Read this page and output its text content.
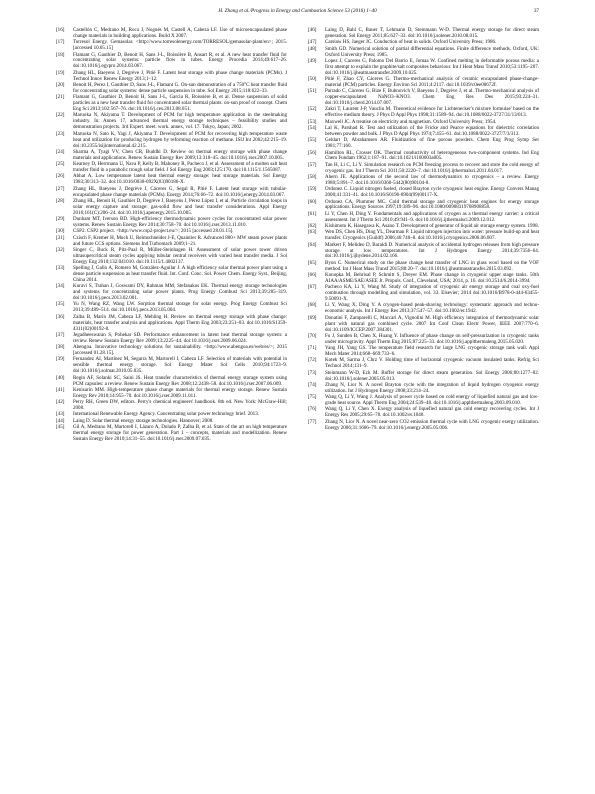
H. Zhang et al./Progress in Energy and Combustion Science 53 (2016) 1–40	37
[16] Castellón C, Medrano M, Roca J, Nogués M, Castell A, Cabeza LF. Use of microencapsulated phase change materials in building applications. Build X 2007.
[17] Torresol Energy. Gemasolar. <http://www.torresolenergy.com/TORRESOL/gemasolar-plant/en>; 2015. [accessed 10.05.15]
[18] Flamant G, Gauthier D, Benoit H, Sans J-L, Boissière B, Ansart R, et al. A new heat transfer fluid for concentrating solar systems: particle flow in tubes. Energy Procedia 2014;49:617–26. doi:10.1016/j.egypro.2014.03.067.
[19] Zhang HL, Baeyens J, Degrève J, Pitié F. Latent heat storage with phase change materials (PCMs). J Technol Innov Renew Energy 2013;1–12.
[20] Benoit H, Perez I, Gauthier D, Sans J-L, Flamant G. On-sun demonstration of a 750°C heat transfer fluid for concentrating solar systems: dense particle suspension in tube. Sol Energy 2015;118:622–33.
[21] Flamant G, Gauthier D, Benoit H, Sans J-L, Garcia R, Boissière B, et al. Dense suspension of solid particles as a new heat transfer fluid for concentrated solar thermal plants: on-sun proof of concept. Chem Eng Sci 2013;102:567–76. doi:10.1016/j.ces.2013.08.051.
[22] Maruoka N, Akiyama T. Development of PCM for high temperature application in the steelmaking industry. In: Annex 17, advanced thermal energy storage techniques – feasibility studies and demonstration projects. 3rd Expert. meet. work. annex, vol. 17. Tokyo, Japan; 2002.
[23] Maruoka N, Sato K, Yagi J, Akiyama T. Development of PCM for recovering high temperature waste heat and utilization for producing hydrogen by reforming reaction of methane. ISIJ Int 2002;42:215–19. doi:10.2355/isijinternational.42.215.
[24] Sharma A, Tyagi VV, Chen CR, Buddhi D. Review on thermal energy storage with phase change materials and applications. Renew Sustain Energy Rev 2009;13:318–45. doi:10.1016/j.rser.2007.10.005.
[25] Kearney D, Herrmann U, Nava P, Kelly B, Mahoney R, Pacheco J, et al. Assessment of a molten salt heat transfer fluid in a parabolic trough solar field. J Sol Energy Eng 2003;125:170. doi:10.1115/1.1565087.
[26] Abhat A. Low temperature latent heat thermal energy storage: heat storage materials. Sol Energy 1983;30:313–32. doi:10.1016/0038-092X(83)90186-X.
[27] Zhang HL, Baeyens J, Degrève J, Cáceres G, Segal R, Pitié F. Latent heat storage with tubular-encapsulated phase change materials (PCMs). Energy 2014;76:66–72. doi:10.1016/j.energy.2014.03.067.
[28] Zhang HL, Benoit H, Gauthier D, Degrève J, Baeyens J, Pérez López I, et al. Particle circulation loops in solar energy capture and storage: gas-solid flow and heat transfer considerations. Appl Energy 2016;161(C):206–24. doi:10.1016/j.apenergy.2015.10.005.
[29] Dunham MT, Iverson BD. High-efficiency thermodynamic power cycles for concentrated solar power systems. Renew Sustain Energy Rev 2014;30:758–70. doi:10.1016/j.rser.2013.11.010.
[30] CSP2. CSP2 project. <http://www.csp2-project.eu/>; 2015 [accessed 28.01.15].
[31] Czisch F, Kremer H, Much U, Reimschneider J-E, Quaintier R. Advanced 800+ MW steam power plants and future CCS options. Siemens Ind Turbomach 2009;1–21.
[32] Singer C, Buck R, Pitz-Paal R, Müller-Steinhagen H. Assessment of solar power tower driven ultrasupercritical steam cycles applying tubular central receivers with varied heat transfer media. J Sol Energy Eng 2010;132:041010. doi:10.1115/1.4002137.
[33] Spelling J, Gallo A, Romero M, González-Aguilar J. A high efficiency solar thermal power plant using a dense particle suspension as heat transfer fluid. Int. Conf. Conc. Sol. Power Chem. Energy Syst., Beijing, China 2014.
[34] Kuravi S, Trahan J, Goswami DY, Rahman MM, Stefanakos EK. Thermal energy storage technologies and systems for concentrating solar power plants. Prog Energy Combust Sci 2013;39:285–319. doi:10.1016/j.pecs.2013.02.001.
[35] Yu N, Wang RZ, Wang LW. Sorption thermal storage for solar energy. Prog Energy Combust Sci 2013;39:489–514. doi:10.1016/j.pecs.2013.05.004.
[36] Zalba B, Marín JM, Cabeza LF, Mehling H. Review on thermal energy storage with phase change: materials, heat transfer analysis and applications. Appl Therm Eng 2003;23:251–83. doi:10.1016/S1359-4311(02)00192-8.
[37] Jegadheeswaran S, Pohekar SD. Performance enhancement in latent heat thermal storage system: a review. Renew Sustain Energy Rev 2009;13:2225–44. doi:10.1016/j.rser.2009.06.024.
[38] Abengoa. Innovative technology solutions for sustainability. <http://www.abengoa.es/web/es/>; 2015 [accessed 01.28.15].
[39] Fernandez AI, Martínez M, Segarra M, Martorell I, Cabeza LF. Selection of materials with potential in sensible thermal energy storage. Sol Energy Mater Sol Cells 2010;94:1723–9. doi:10.1016/j.solmat.2010.05.035.
[40] Regin AF, Solanki SC, Saini JS. Heat transfer characteristics of thermal energy storage system using PCM capsules: a review. Renew Sustain Energy Rev 2008;12:2438–58. doi:10.1016/j.rser.2007.06.009.
[41] Kenisarin MM. High-temperature phase change materials for thermal energy storage. Renew Sustain Energy Rev 2010;14:955–70. doi:10.1016/j.rser.2009.11.011.
[42] Perry RH, Green DW, editors. Perry's chemical engineers' handbook. 8th ed. New York: McGraw-Hill; 2008.
[43] International Renewable Energy Agency. Concentrating solar power technology brief. 2013.
[44] Laing D. Solar thermal energy storage technologies. Hannover; 2008.
[45] Gil A, Medrano M, Martorell I, Lázaro A, Dolado P, Zalba B, et al. State of the art on high temperature thermal energy storage for power generation. Part 1 – concepts, materials and modellization. Renew Sustain Energy Rev 2010;14:31–55. doi:10.1016/j.rser.2009.07.035.
[46] Laing D, Bahl C, Bauer T, Lehmann D, Steinmann W-D. Thermal energy storage for direct steam generation. Sol Energy 2011;85:627–33. doi:10.1016/j.solener.2010.08.015.
[47] Carslaw HS, Jaeger JC. Conduction of heat in solids. Oxford University Press; 1986.
[48] Smith GD. Numerical solution of partial differential equations. Finite difference methods. Oxford, UK: Oxford University Press; 1985.
[49] Lopez J, Caceres G, Palomo Del Barrio E, Jomaa W. Confined melting in deformable porous media: a first attempt to explain the graphite/salt composites behaviour. Int J Heat Mass Transf 2010;53:1195–207. doi:10.1016/j.ijheatmasstransfer.2009.10.025.
[50] Pitié F, Zhao CY, Cáceres G. Thermo-mechanical analysis of ceramic encapsulated phase-change-material (PCM) particles. Energy Environ Sci 2011;4:2117. doi:10.1039/c0ee00672f.
[51] Parrado C, Cáceres G, Bize F, Bubnovich V, Baeyens J, Degrève J, et al. Thermo-mechanical analysis of copper-encapsulated NaNO3–KNO3. Chem Eng Res Des 2015;93:224–31. doi:10.1016/j.cherd.2014.07.007.
[52] Zakri T, Laurent J-P, Vauclin M. Theoretical evidence for Lichtenecker's mixture formulae' based on the effective medium theory. J Phys D Appl Phys 1998;31:1589–94. doi:10.1088/0022-3727/31/13/013.
[53] Maxwell JC. A treatise on electricity and magnetism. Oxford University Press; 1954.
[54] Lal K, Parshad R. Test and utilization of the Fricke and Pearce equations for dielectric correlation between powder and bulk. J Phys D Appl Phys 1974;7:455–61. doi:10.1088/0022-3727/7/3/313.
[55] Geldart D, Abrahamsen AR. Fluidization of fine porous powders. Chem Eng Prog Symp Ser 1981;77:160.
[56] Hamilton RL, Crosser OK. Thermal conductivity of heterogeneous two-component systems. Ind Eng Chem Fundam 1962;1:187–91. doi:10.1021/i160003a005.
[57] Tan H, Li C, Li Y. Simulation research on PCM freezing process to recover and store the cold energy of cryogenic gas. Int J Therm Sci 2011;50:2220–7. doi:10.1016/j.ijthermalsci.2011.04.017.
[58] Ahern JE. Applications of the second law of thermodynamics to cryogenics – a review. Energy 1980;5:891–7. doi:10.1016/0360-5442(80)90104-8.
[59] Ordonez C. Liquid nitrogen fueled, closed Brayton cycle cryogenic heat engine. Energy Convers Manag 2000;41:331–41. doi:10.1016/S0196-8904(99)00117-X.
[60] Ordonez CA, Plummer MC. Cold thermal storage and cryogenic heat engines for energy storage applications. Energy Sources 1997;19:389–96. doi:10.1080/00908319708908858.
[61] Li Y, Chen H, Ding Y. Fundamentals and applications of cryogen as a thermal energy carrier: a critical assessment. Int J Therm Sci 2010;49:941–9. doi:10.1016/j.ijthermalsci.2009.12.012.
[62] Kishimoto K, Hasegawa K, Asano T. Development of generator of liquid air storage energy system. 1998.
[63] Wen DS, Chen HS, Ding YL, Dearman P. Liquid nitrogen injection into water: pressure build-up and heat transfer. Cryogenics (Guildf) 2006;46:740–8. doi:10.1016/j.cryogenics.2006.06.007.
[64] Markert F, Melideo D, Baraldi D. Numerical analysis of accidental hydrogen releases from high pressure storage at low temperatures. Int J Hydrogen Energy 2014;39:7356–64. doi:10.1016/j.ijhydene.2014.02.166.
[65] Byon C. Numerical study on the phase change heat transfer of LNG in glass wool based on the VOF method. Int J Heat Mass Transf 2015;88:20–7. doi:10.1016/j.ijheatmasstransfer.2015.03.092.
[66] Konopka M, Behrisal P, Schmitt S, Dreyer EM. Phase change in cryogenic upper stage tanks. 50th AIAA/ASME/SAE/ASEE Jt. Propuls. Conf., Cleveland, USA; 2014, p. 16. doi:10.2514/6.2014-3994.
[67] Pacheco KA, Li Y, Wang M. Study of integration of cryogenic air energy storage and coal oxy-fuel combustion through modelling and simulation, vol. 33. Elsevier; 2014 doi:10.1016/B978-0-444-63455-9.50091-X.
[68] Li Y, Wang X, Ding Y. A cryogen-based peak-shaving technology: systematic approach and techno-economic analysis. Int J Energy Res 2013;37:547–57. doi:10.1002/er.1942.
[69] Donatini F, Zamparelli C, Maccari A, Vignolini M. High efficiency integration of thermodynamic solar plant with natural gas combined cycle. 2007 Int Conf Clean Electr Power, IEEE 2007:770–6. doi:10.1109/ICCEP.2007.384301.
[70] Fu J, Sunden B, Chen X, Huang Y. Influence of phase change on self-pressurization in cryogenic tanks under microgravity. Appl Therm Eng 2015;87:225–33. doi:10.1016/j.applthermaleng.2015.05.020.
[71] Yang JH, Yang GS. The temperature field research for large LNG cryogenic storage tank wall. Appl Mech Mater 2014;668–669:733–6.
[72] Kotek M, Sarma J, Chrz V. Holding time of horizontal cryogenic vacuum insulated tanks. Refrig Sci Technol 2014;131–9.
[73] Steinmann W-D, Eck M. Buffer storage for direct steam generation. Sol Energy 2006;80:1277–82. doi:10.1016/j.solener.2005.05.013.
[74] Zhang N, Lior N. A novel Brayton cycle with the integration of liquid hydrogen cryogenic exergy utilization. Int J Hydrogen Energy 2008;33:214–24.
[75] Wang Q, Li Y, Wang J. Analysis of power cycle based on cold energy of liquefied natural gas and low-grade heat source. Appl Therm Eng 2004;24:539–48. doi:10.1016/j.applthermaleng.2003.09.010.
[76] Wang Q, Li Y, Chen X. Exergy analysis of liquefied natural gas cold energy recovering cycles. Int J Energy Res 2005;29:65–78. doi:10.1002/er.1040.
[77] Zhang N, Lior N. A novel near-zero CO2 emission thermal cycle with LNG cryogenic exergy utilization. Energy 2006;31:1666–79. doi:10.1016/j.energy.2005.05.006.
